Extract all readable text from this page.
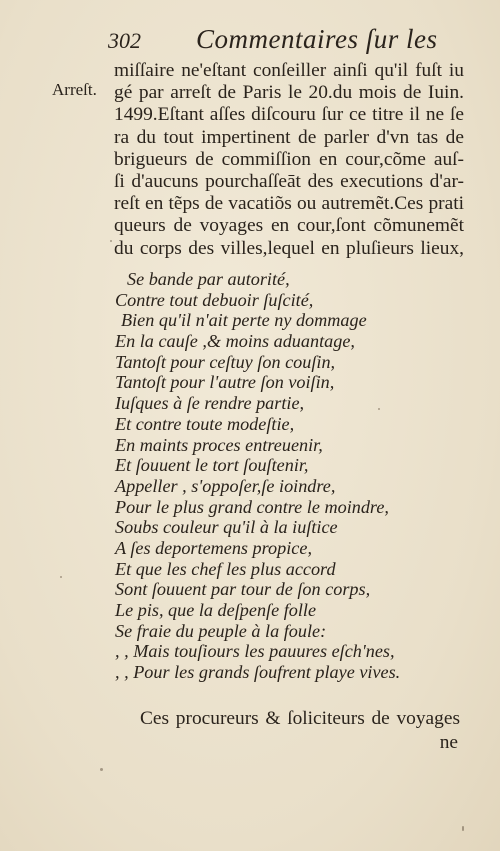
302 Commentaires ſur les
Arreſt.
miſſaire ne'eſtant conſeiller ainſi qu'il fuſt iu
gé par arreſt de Paris le 20.du mois de Iuin.
1499.Eſtant aſſes diſcouru ſur ce titre il ne ſe
ra du tout impertinent de parler d'vn tas de
brigueurs de commiſſion en cour,cõme auſ-
ſi d'aucuns pourchaſſeāt des executions d'ar-
reſt en tẽps de vacatiõs ou autremẽt.Ces prati
queurs de voyages en cour,ſont cõmunemẽt
du corps des villes,lequel en pluſieurs lieux,
Se bande par autorité,
Contre tout debuoir ſuſcité,
Bien qu'il n'ait perte ny dommage
En la cauſe ,& moins aduantage,
Tantoſt pour ceſtuy ſon couſin,
Tantoſt pour l'autre ſon voiſin,
Iuſques à ſe rendre partie,
Et contre toute modeſtie,
En maints proces entreuenir,
Et ſouuent le tort ſouſtenir,
Appeller , s'oppoſer,ſe ioindre,
Pour le plus grand contre le moindre,
Soubs couleur qu'il à la iuſtice
A ſes deportemens propice,
Et que les chef les plus accord
Sont ſouuent par tour de ſon corps,
Le pis, que la deſpenſe folle
Se fraie du peuple à la foule:
, , Mais touſiours les pauures eſch'nes,
, , Pour les grands ſoufrent playe vives.
Ces procureurs & ſoliciteurs de voyages
ne
